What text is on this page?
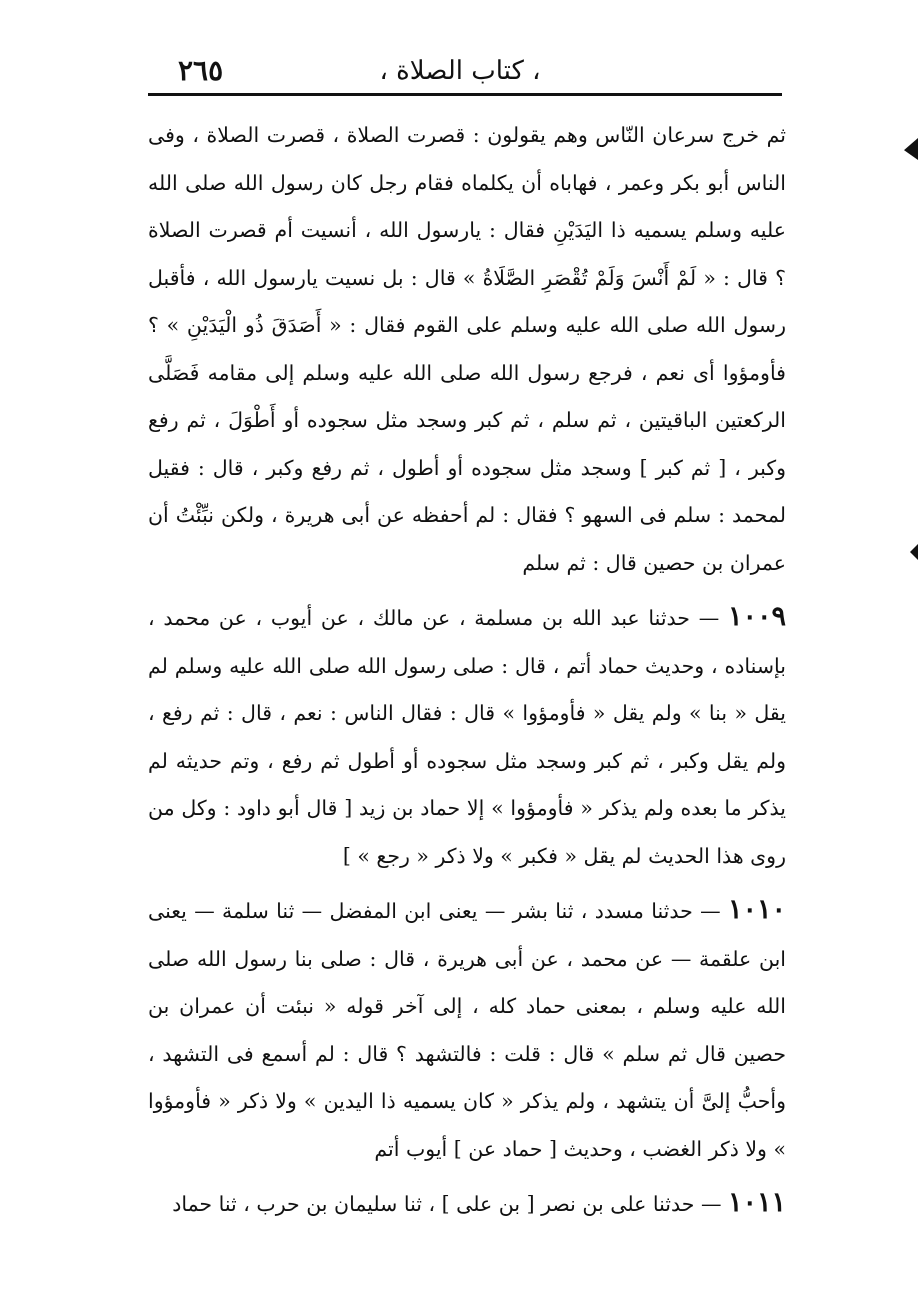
٢٦٥	، كتاب الصلاة ،

ثم خرج سرعان النّاس وهم يقولون : قصرت الصلاة ، قصرت الصلاة ، وفى الناس أبو بكر وعمر ، فهاباه أن يكلماه فقام رجل كان رسول الله صلى الله عليه وسلم يسميه ذا اليَدَيْنِ فقال : يارسول الله ، أنسيت أم قصرت الصلاة ؟ قال : « لَمْ أَنْسَ وَلَمْ تُقْصَرِ الصَّلَاةُ » قال : بل نسيت يارسول الله ، فأقبل رسول الله صلى الله عليه وسلم على القوم فقال : « أَصَدَقَ ذُو الْيَدَيْنِ » ؟ فأومؤوا أى نعم ، فرجع رسول الله صلى الله عليه وسلم إلى مقامه فَصَلَّى الركعتين الباقيتين ، ثم سلم ، ثم كبر وسجد مثل سجوده أو أَطْوَلَ ، ثم رفع وكبر ، [ ثم كبر ] وسجد مثل سجوده أو أطول ، ثم رفع وكبر ، قال : فقيل لمحمد : سلم فى السهو ؟ فقال : لم أحفظه عن أبى هريرة ، ولكن نبِّئْتُ أن عمران بن حصين قال : ثم سلم

١٠٠٩ — حدثنا عبد الله بن مسلمة ، عن مالك ، عن أيوب ، عن محمد ، بإسناده ، وحديث حماد أتم ، قال : صلى رسول الله صلى الله عليه وسلم لم يقل « بنا » ولم يقل « فأومؤوا » قال : فقال الناس : نعم ، قال : ثم رفع ، ولم يقل وكبر ، ثم كبر وسجد مثل سجوده أو أطول ثم رفع ، وتم حديثه لم يذكر ما بعده ولم يذكر « فأومؤوا » إلا حماد بن زيد [ قال أبو داود : وكل من روى هذا الحديث لم يقل « فكبر » ولا ذكر « رجع » ]

١٠١٠ — حدثنا مسدد ، ثنا بشر — يعنى ابن المفضل — ثنا سلمة — يعنى ابن علقمة — عن محمد ، عن أبى هريرة ، قال : صلى بنا رسول الله صلى الله عليه وسلم ، بمعنى حماد كله ، إلى آخر قوله « نبئت أن عمران بن حصين قال ثم سلم » قال : قلت : فالتشهد ؟ قال : لم أسمع فى التشهد ، وأحبُّ إلىَّ أن يتشهد ، ولم يذكر « كان يسميه ذا اليدين » ولا ذكر « فأومؤوا » ولا ذكر الغضب ، وحديث [ حماد عن ] أيوب أتم

١٠١١ — حدثنا على بن نصر [ بن على ] ، ثنا سليمان بن حرب ، ثنا حماد
